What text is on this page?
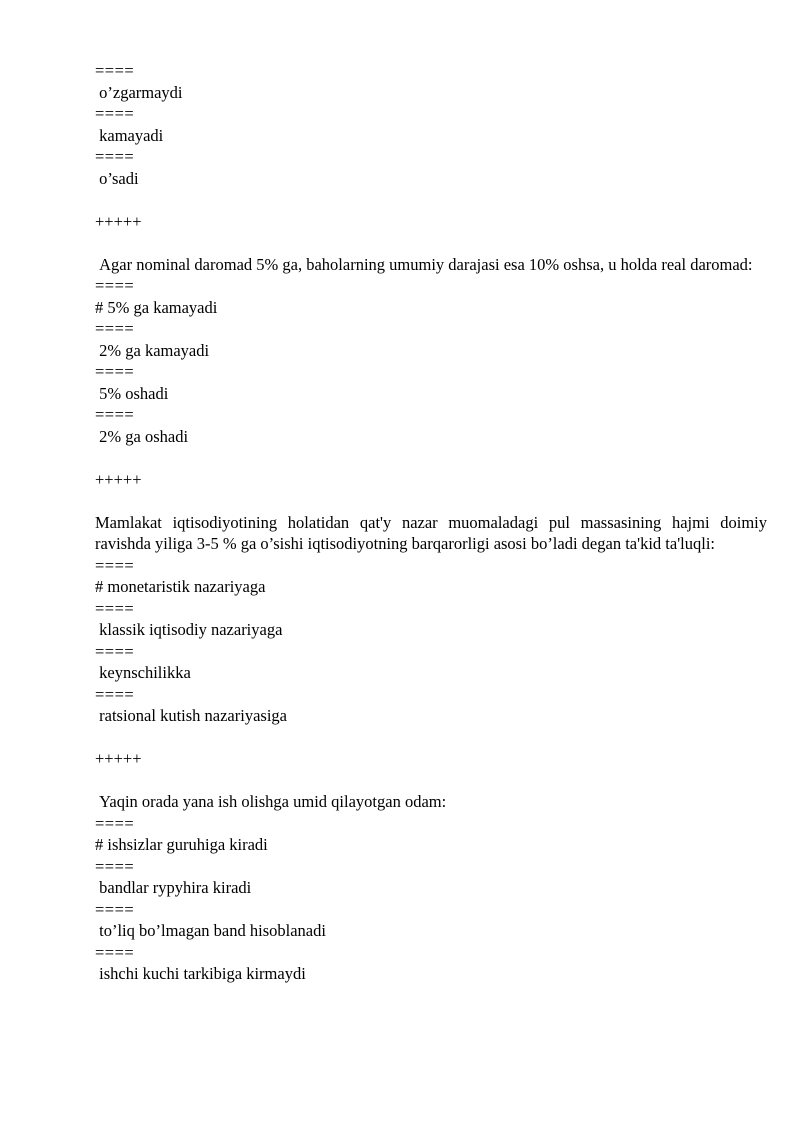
====
o’zgarmaydi
====
kamayadi
====
o’sadi
+++++

Agar nominal daromad 5% ga, baholarning umumiy darajasi esa 10% oshsa, u holda real daromad:

====
# 5% ga kamayadi
====
2% ga kamayadi
====
5% oshadi
====
2% ga oshadi
+++++

Mamlakat iqtisodiyotining holatidan qat'y nazar muomaladagi pul massasining hajmi doimiy ravishda yiliga 3-5 % ga o’sishi iqtisodiyotning barqarorligi asosi bo’ladi degan ta'kid ta'luqli:

====
# monetaristik nazariyaga
====
klassik iqtisodiy nazariyaga
====
keynschilikka
====
ratsional kutish nazariyasiga
+++++

Yaqin orada yana ish olishga umid qilayotgan odam:

====
# ishsizlar guruhiga kiradi
====
bandlar rypyhira kiradi
====
to’liq bo’lmagan band hisoblanadi
====
ishchi kuchi tarkibiga kirmaydi
